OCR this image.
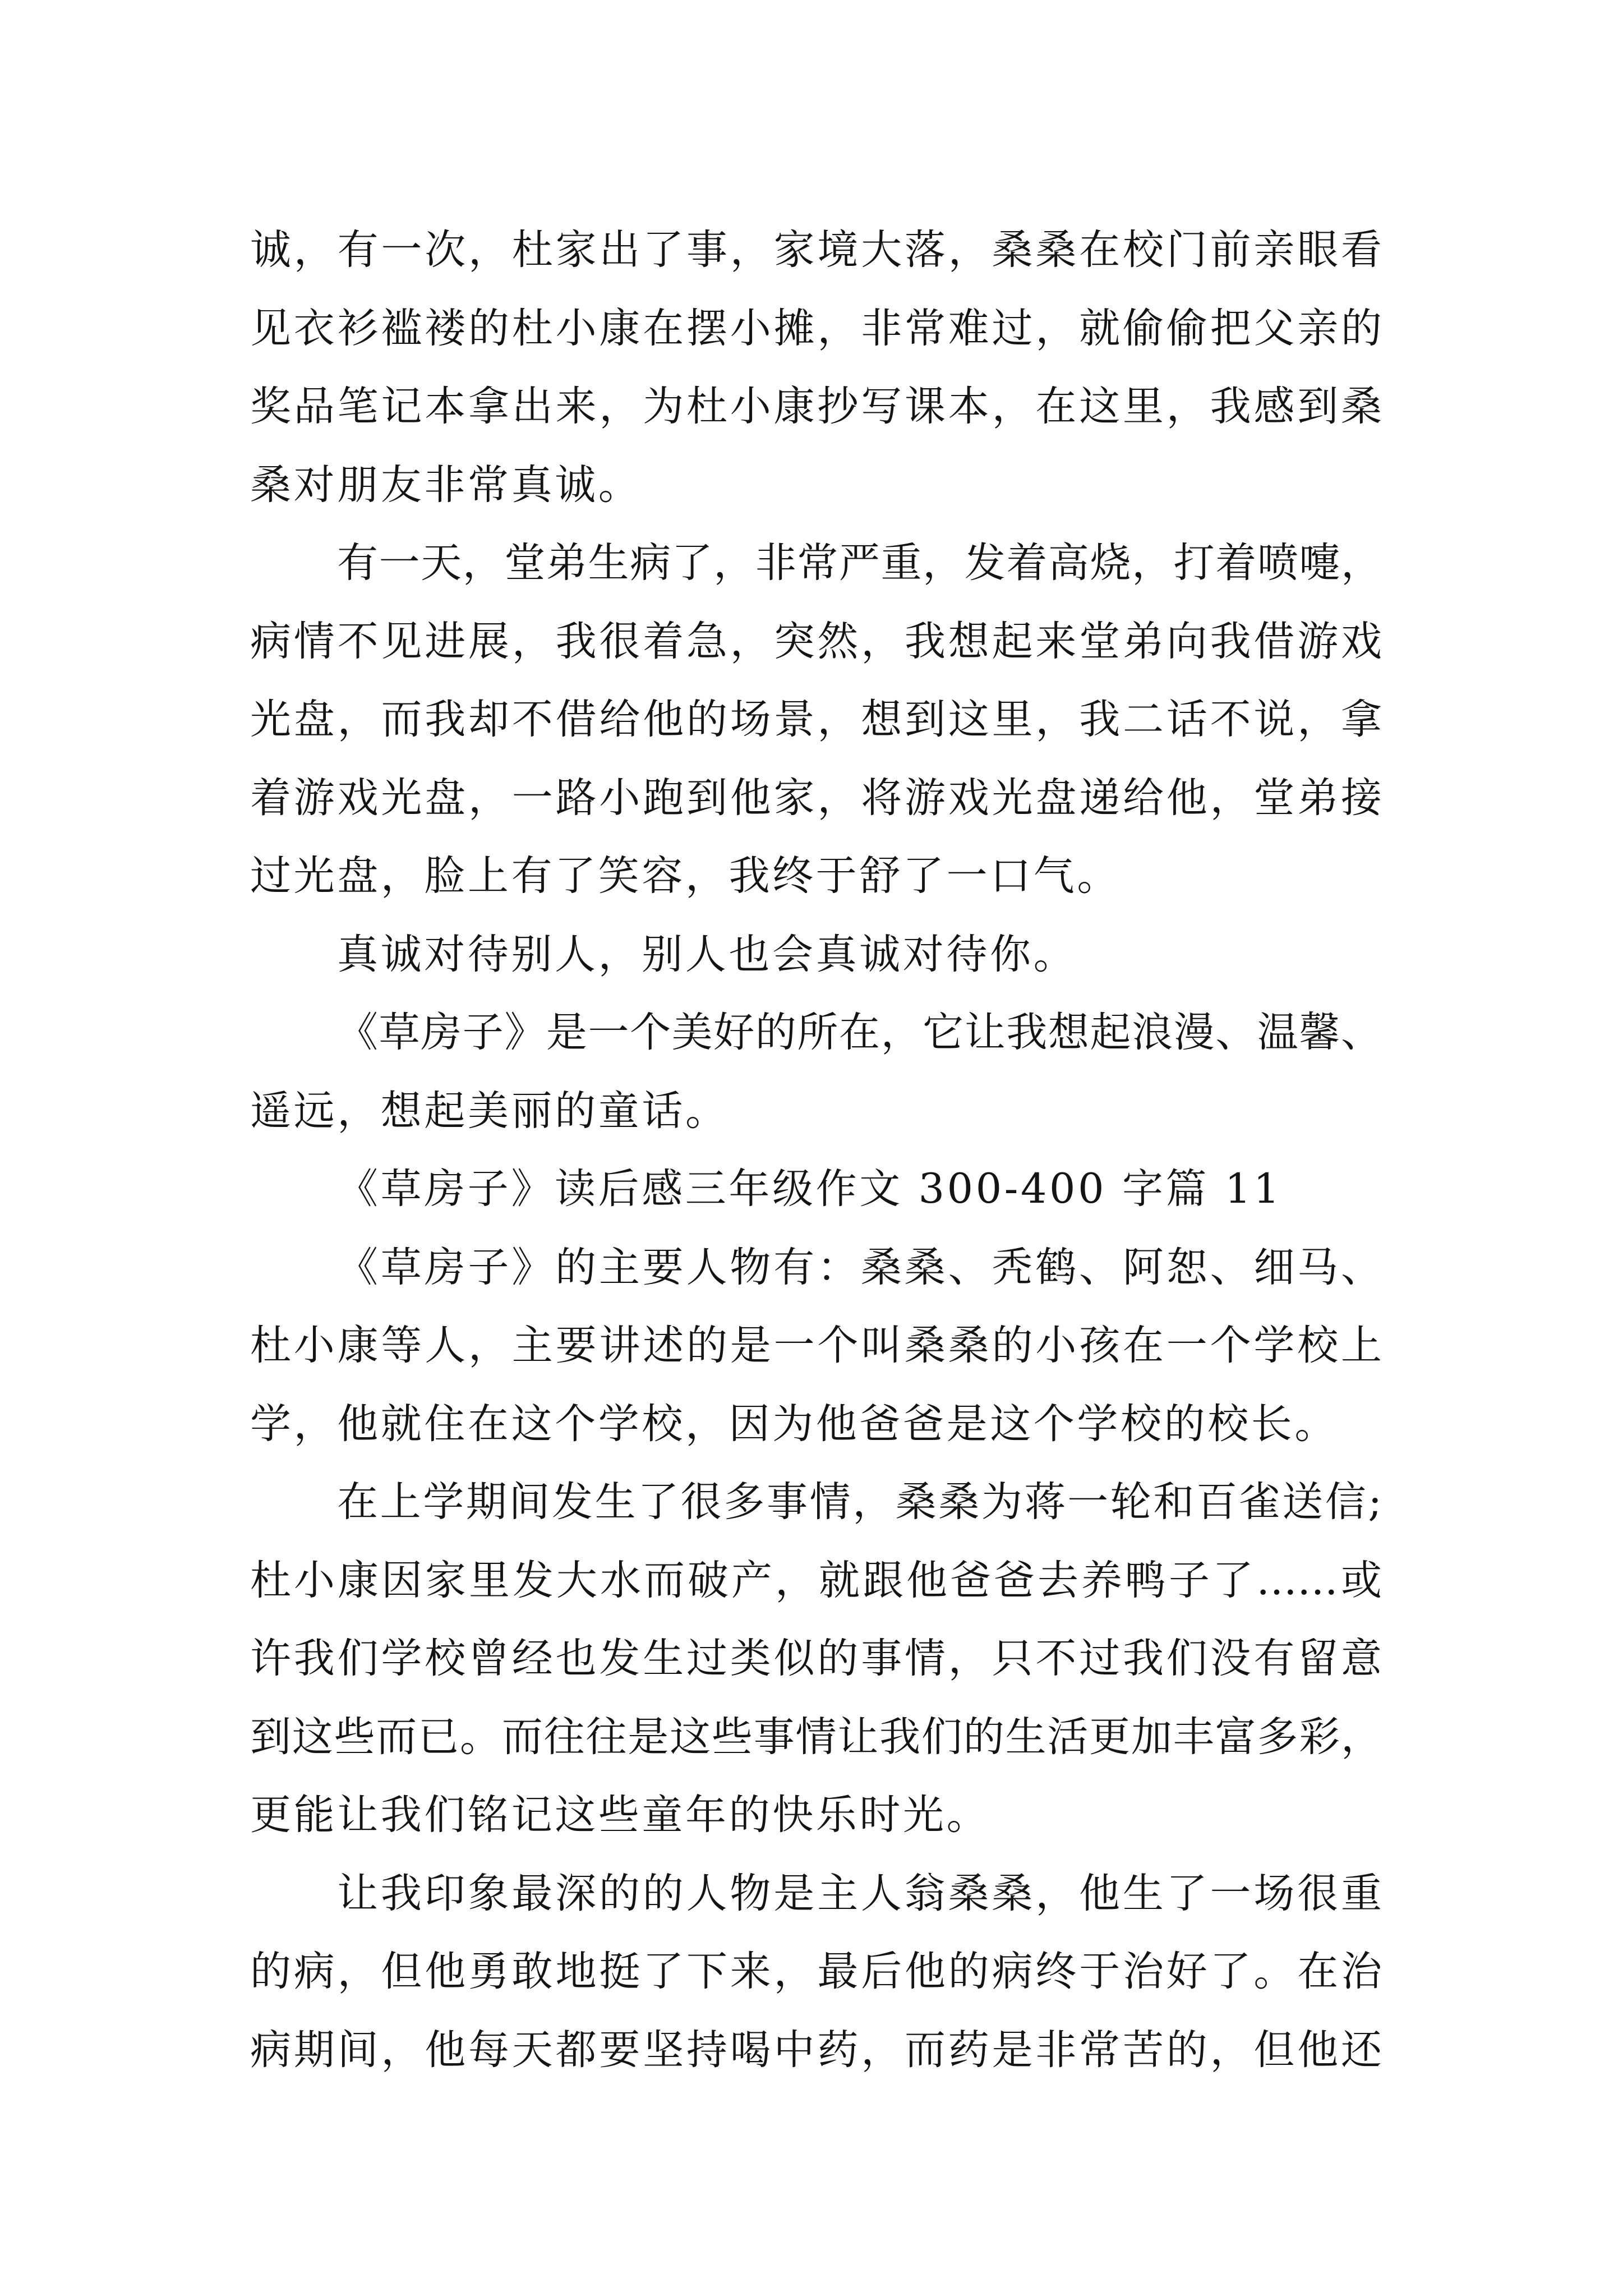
诚，有一次，杜家出了事，家境大落，桑桑在校门前亲眼看
见衣衫褴褛的杜小康在摆小摊，非常难过，就偷偷把父亲的
奖品笔记本拿出来，为杜小康抄写课本，在这里，我感到桑
桑对朋友非常真诚。

有一天，堂弟生病了，非常严重，发着高烧，打着喷嚏，
病情不见进展，我很着急，突然，我想起来堂弟向我借游戏
光盘，而我却不借给他的场景，想到这里，我二话不说，拿
着游戏光盘，一路小跑到他家，将游戏光盘递给他，堂弟接
过光盘，脸上有了笑容，我终于舒了一口气。

真诚对待别人，别人也会真诚对待你。

《草房子》是一个美好的所在，它让我想起浪漫、温馨、
遥远，想起美丽的童话。

《草房子》读后感三年级作文 300-400 字篇 11

《草房子》的主要人物有：桑桑、秃鹤、阿恕、细马、
杜小康等人，主要讲述的是一个叫桑桑的小孩在一个学校上
学，他就住在这个学校，因为他爸爸是这个学校的校长。

在上学期间发生了很多事情，桑桑为蒋一轮和百雀送信;
杜小康因家里发大水而破产，就跟他爸爸去养鸭子了……或
许我们学校曾经也发生过类似的事情，只不过我们没有留意
到这些而已。而往往是这些事情让我们的生活更加丰富多彩，
更能让我们铭记这些童年的快乐时光。

让我印象最深的的人物是主人翁桑桑，他生了一场很重
的病，但他勇敢地挺了下来，最后他的病终于治好了。在治
病期间，他每天都要坚持喝中药，而药是非常苦的，但他还
